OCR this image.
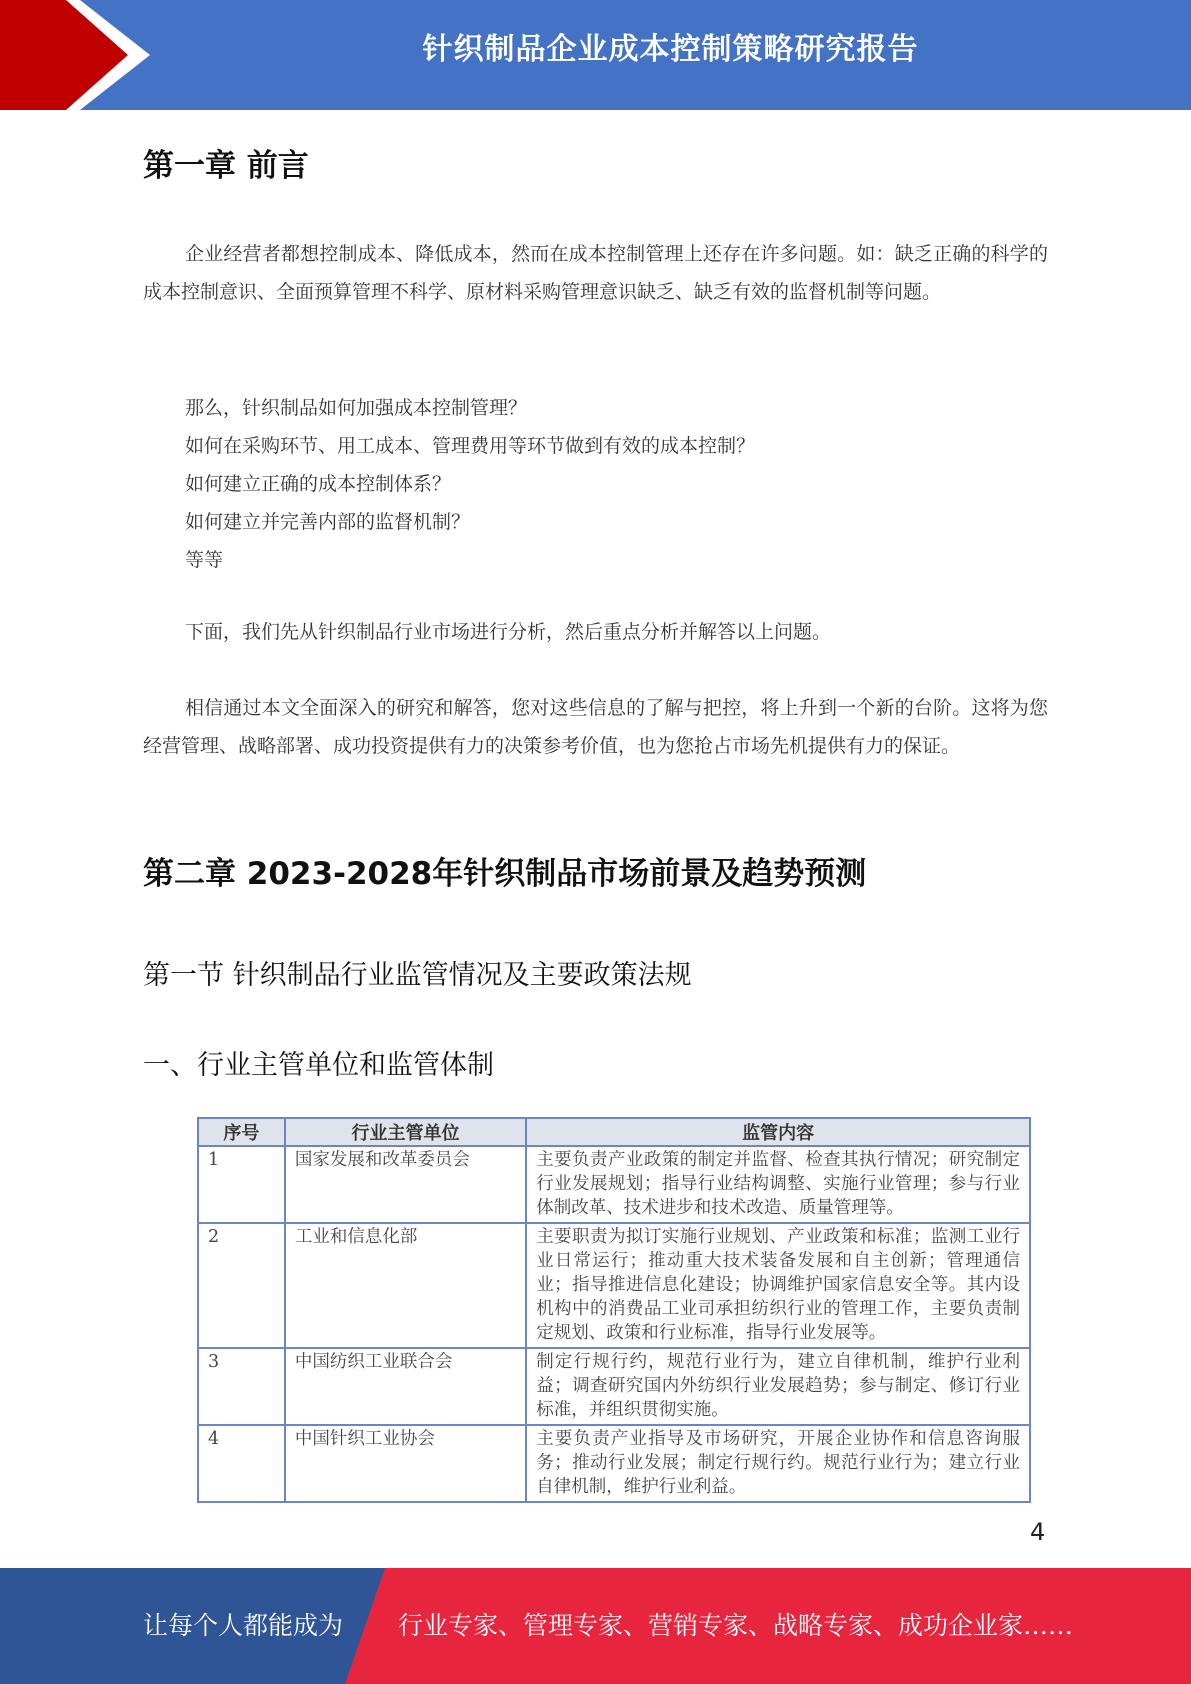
针织制品企业成本控制策略研究报告
第一章 前言
企业经营者都想控制成本、降低成本，然而在成本控制管理上还存在许多问题。如：缺乏正确的科学的成本控制意识、全面预算管理不科学、原材料采购管理意识缺乏、缺乏有效的监督机制等问题。
那么，针织制品如何加强成本控制管理？
如何在采购环节、用工成本、管理费用等环节做到有效的成本控制？
如何建立正确的成本控制体系？
如何建立并完善内部的监督机制？
等等
下面，我们先从针织制品行业市场进行分析，然后重点分析并解答以上问题。
相信通过本文全面深入的研究和解答，您对这些信息的了解与把控，将上升到一个新的台阶。这将为您经营管理、战略部署、成功投资提供有力的决策参考价值，也为您抢占市场先机提供有力的保证。
第二章 2023-2028年针织制品市场前景及趋势预测
第一节 针织制品行业监管情况及主要政策法规
一、行业主管单位和监管体制
序号	行业主管单位	监管内容
1	国家发展和改革委员会	主要负责产业政策的制定并监督、检查其执行情况；研究制定行业发展规划；指导行业结构调整、实施行业管理；参与行业体制改革、技术进步和技术改造、质量管理等。
2	工业和信息化部	主要职责为拟订实施行业规划、产业政策和标准；监测工业行业日常运行；推动重大技术装备发展和自主创新；管理通信业；指导推进信息化建设；协调维护国家信息安全等。其内设机构中的消费品工业司承担纺织行业的管理工作，主要负责制定规划、政策和行业标准，指导行业发展等。
3	中国纺织工业联合会	制定行规行约，规范行业行为，建立自律机制，维护行业利益；调查研究国内外纺织行业发展趋势；参与制定、修订行业标准，并组织贯彻实施。
4	中国针织工业协会	主要负责产业指导及市场研究，开展企业协作和信息咨询服务；推动行业发展；制定行规行约。规范行业行为；建立行业自律机制，维护行业利益。
4
让每个人都能成为 行业专家、管理专家、营销专家、战略专家、成功企业家……
